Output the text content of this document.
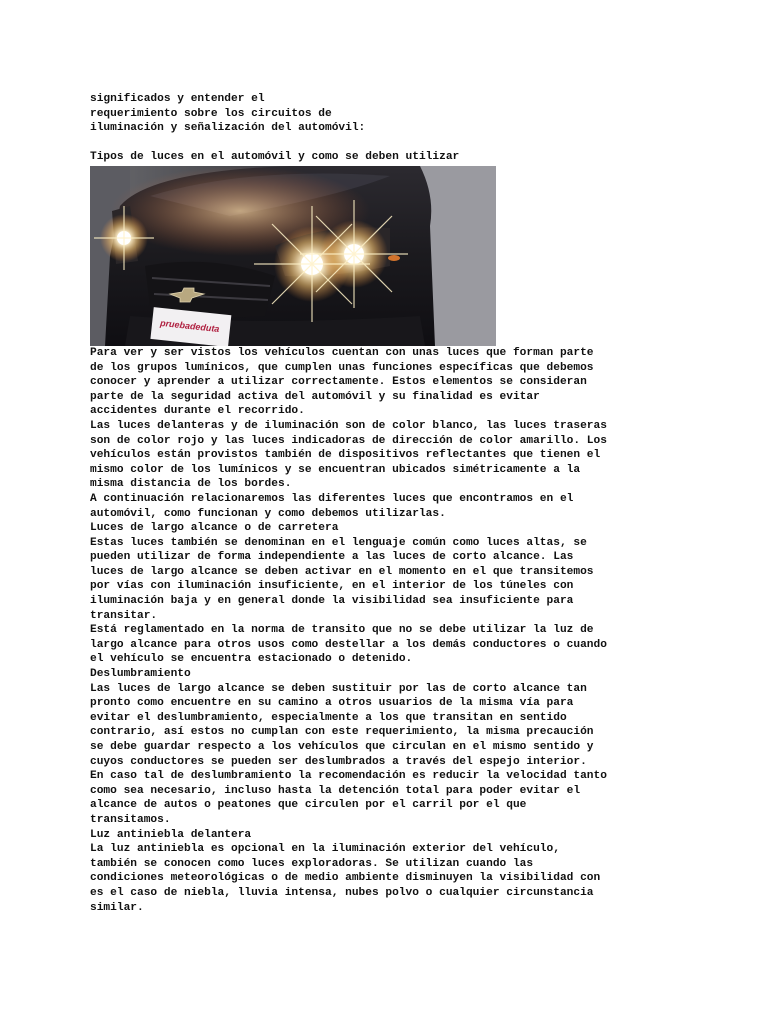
significados y entender el
requerimiento sobre los circuitos de
iluminación y señalización del automóvil:
Tipos de luces en el automóvil y como se deben utilizar
pruebadeduta
Para ver y ser vistos los vehículos cuentan con unas luces que forman parte
de los grupos lumínicos, que cumplen unas funciones específicas que debemos
conocer y aprender a utilizar correctamente. Estos elementos se consideran
parte de la seguridad activa del automóvil y su finalidad es evitar
accidentes durante el recorrido.
Las luces delanteras y de iluminación son de color blanco, las luces traseras
son de color rojo y las luces indicadoras de dirección de color amarillo. Los
vehículos están provistos también de dispositivos reflectantes que tienen el
mismo color de los lumínicos y se encuentran ubicados simétricamente a la
misma distancia de los bordes.
A continuación relacionaremos las diferentes luces que encontramos en el
automóvil, como funcionan y como debemos utilizarlas.
Luces de largo alcance o de carretera
Estas luces también se denominan en el lenguaje común como luces altas, se
pueden utilizar de forma independiente a las luces de corto alcance. Las
luces de largo alcance se deben activar en el momento en el que transitemos
por vías con iluminación insuficiente, en el interior de los túneles con
iluminación baja y en general donde la visibilidad sea insuficiente para
transitar.
Está reglamentado en la norma de transito que no se debe utilizar la luz de
largo alcance para otros usos como destellar a los demás conductores o cuando
el vehículo se encuentra estacionado o detenido.
Deslumbramiento
Las luces de largo alcance se deben sustituir por las de corto alcance tan
pronto como encuentre en su camino a otros usuarios de la misma vía para
evitar el deslumbramiento, especialmente a los que transitan en sentido
contrario, así estos no cumplan con este requerimiento, la misma precaución
se debe guardar respecto a los vehículos que circulan en el mismo sentido y
cuyos conductores se pueden ser deslumbrados a través del espejo interior.
En caso tal de deslumbramiento la recomendación es reducir la velocidad tanto
como sea necesario, incluso hasta la detención total para poder evitar el
alcance de autos o peatones que circulen por el carril por el que
transitamos.
Luz antiniebla delantera
La luz antiniebla es opcional en la iluminación exterior del vehículo,
también se conocen como luces exploradoras. Se utilizan cuando las
condiciones meteorológicas o de medio ambiente disminuyen la visibilidad con
es el caso de niebla, lluvia intensa, nubes polvo o cualquier circunstancia
similar.
